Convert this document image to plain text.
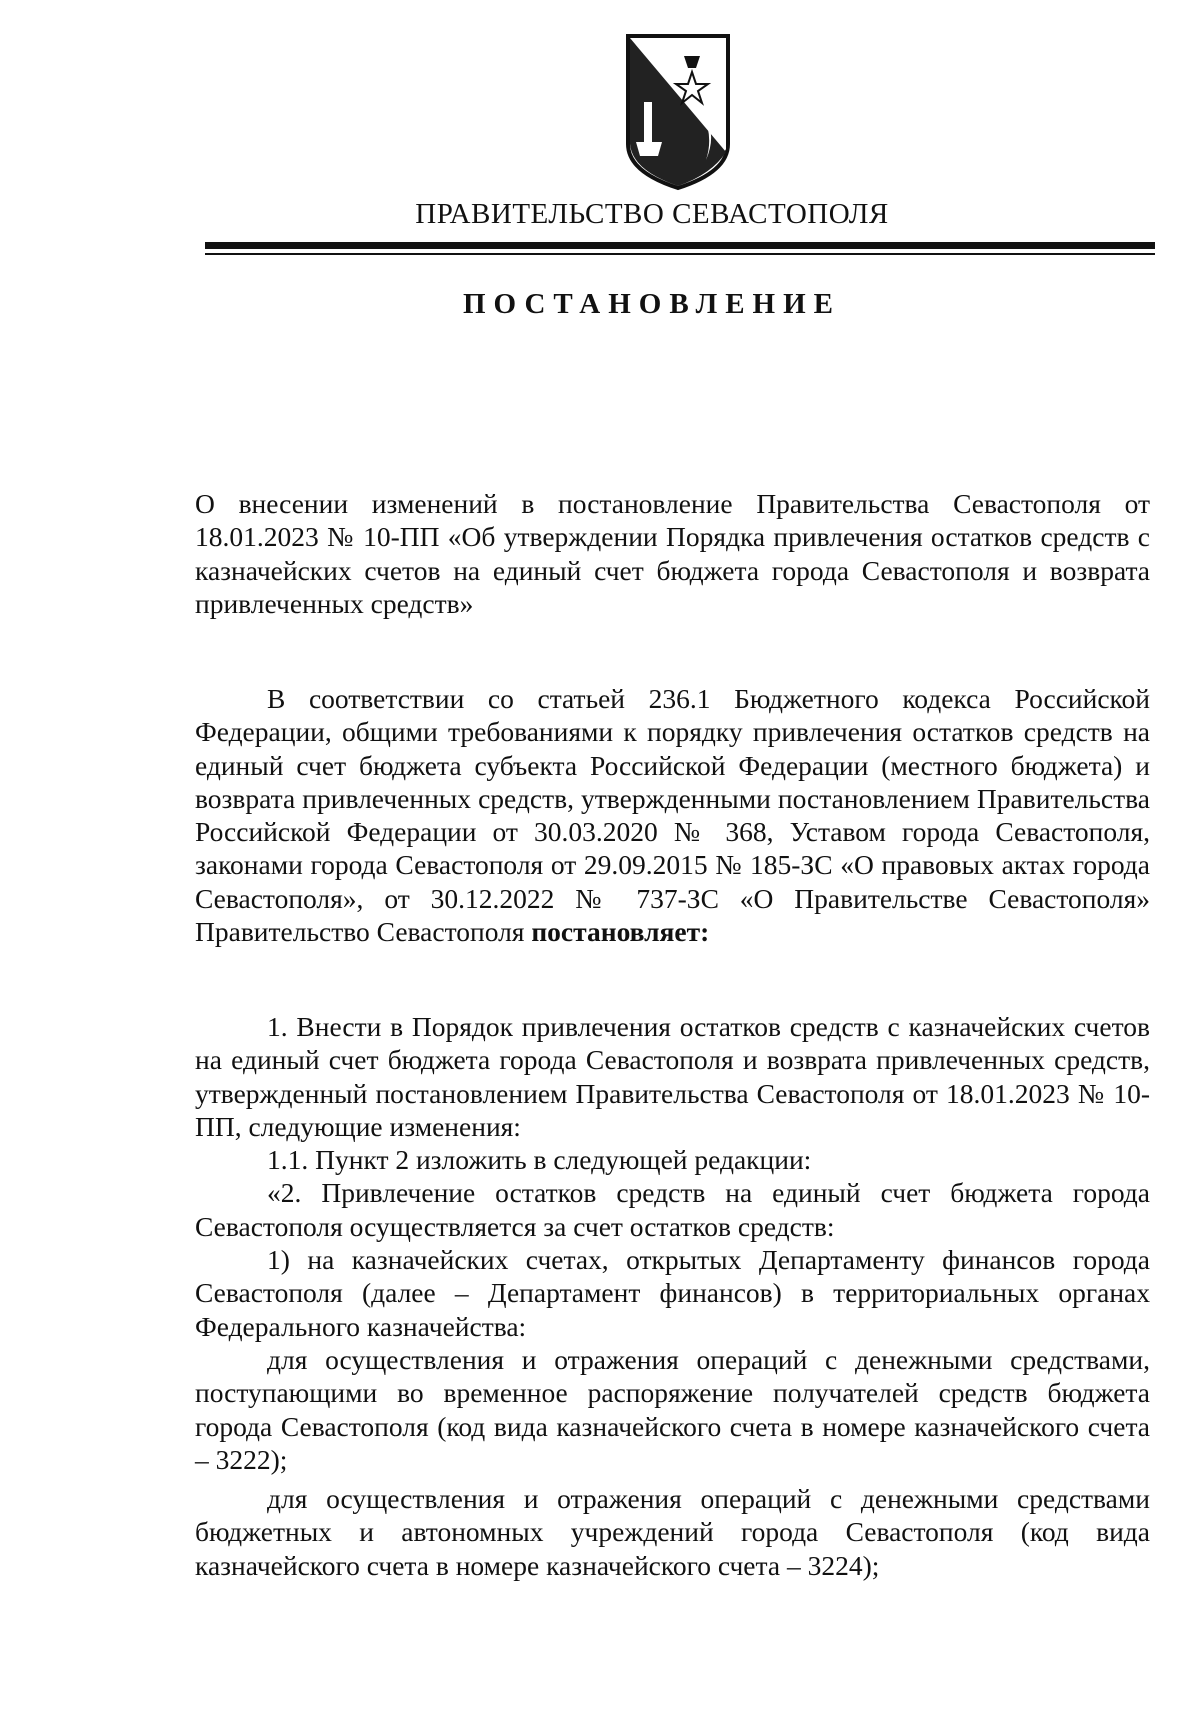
ПРАВИТЕЛЬСТВО СЕВАСТОПОЛЯ
ПОСТАНОВЛЕНИЕ

О внесении изменений в постановление Правительства Севастополя от 18.01.2023 № 10-ПП «Об утверждении Порядка привлечения остатков средств с казначейских счетов на единый счет бюджета города Севастополя и возврата привлеченных средств»

В соответствии со статьей 236.1 Бюджетного кодекса Российской Федерации, общими требованиями к порядку привлечения остатков средств на единый счет бюджета субъекта Российской Федерации (местного бюджета) и возврата привлеченных средств, утвержденными постановлением Правительства Российской Федерации от 30.03.2020 № 368, Уставом города Севастополя, законами города Севастополя от 29.09.2015 № 185-ЗС «О правовых актах города Севастополя», от 30.12.2022 № 737-ЗС «О Правительстве Севастополя» Правительство Севастополя постановляет:

1. Внести в Порядок привлечения остатков средств с казначейских счетов на единый счет бюджета города Севастополя и возврата привлеченных средств, утвержденный постановлением Правительства Севастополя от 18.01.2023 № 10-ПП, следующие изменения:

1.1. Пункт 2 изложить в следующей редакции:

«2. Привлечение остатков средств на единый счет бюджета города Севастополя осуществляется за счет остатков средств:

1) на казначейских счетах, открытых Департаменту финансов города Севастополя (далее – Департамент финансов) в территориальных органах Федерального казначейства:

для осуществления и отражения операций с денежными средствами, поступающими во временное распоряжение получателей средств бюджета города Севастополя (код вида казначейского счета в номере казначейского счета – 3222);

для осуществления и отражения операций с денежными средствами бюджетных и автономных учреждений города Севастополя (код вида казначейского счета в номере казначейского счета – 3224);
